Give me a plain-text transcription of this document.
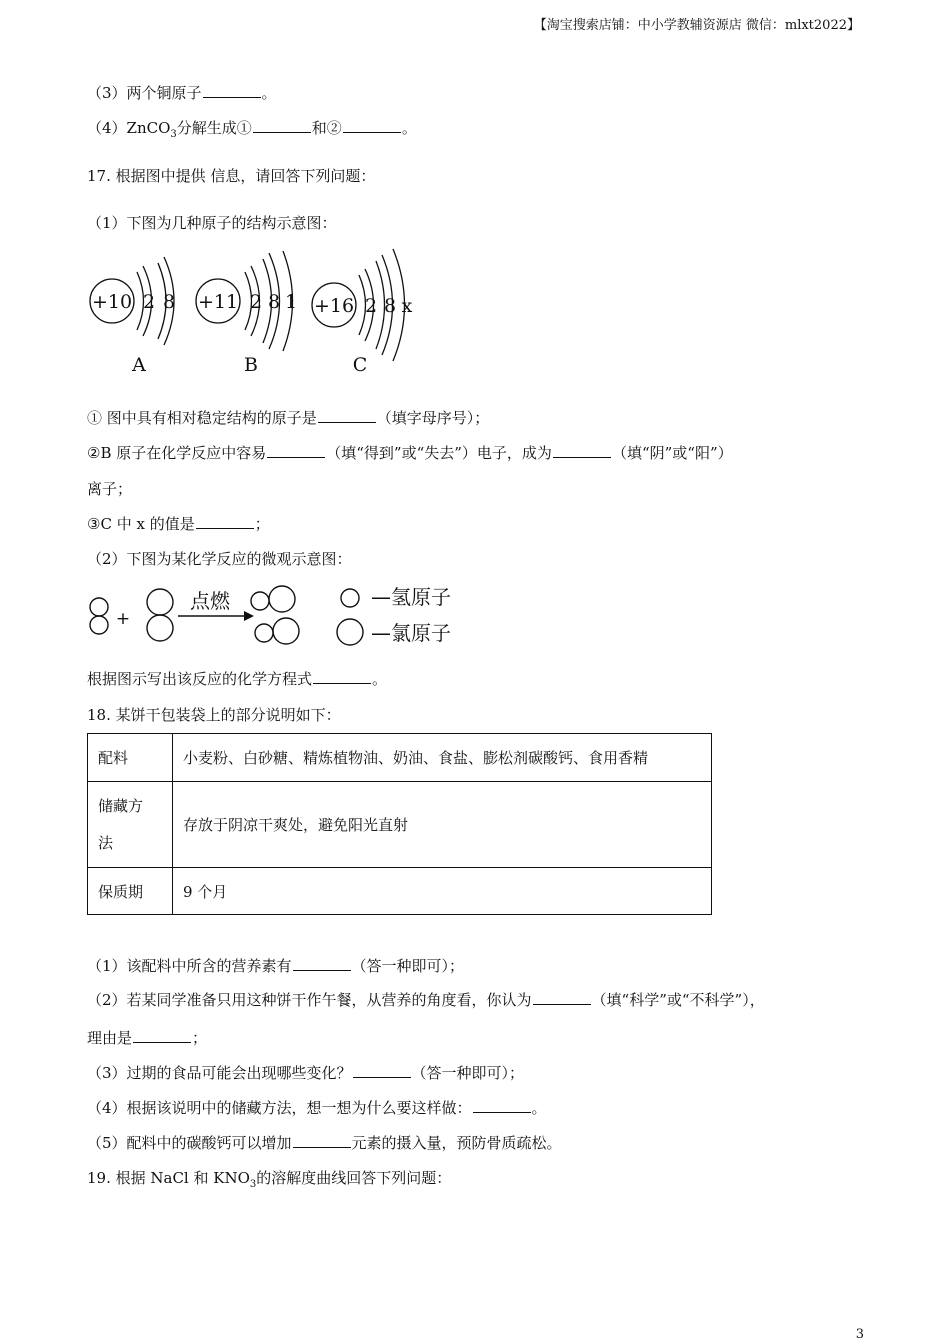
【淘宝搜索店铺：中小学教辅资源店 微信：mlxt2022】
（3）两个铜原子	。
（4）ZnCO$_3$分解生成①	和②	。
17. 根据图中提供 信息，请回答下列问题：
（1）下图为几种原子的结构示意图：
+10 2 8
A
+11 2 8 1
B
+16 2 8 x
C
① 图中具有相对稳定结构的原子是	（填字母序号）；
②B 原子在化学反应中容易	（填“得到”或“失去”）电子，成为	（填“阴”或“阳”）
离子；
③C 中 x 的值是	；
（2）下图为某化学反应的微观示意图：
+
点燃	—氢原子
—氯原子
根据图示写出该反应的化学方程式	。
18. 某饼干包装袋上的部分说明如下：
配料	小麦粉、白砂糖、精炼植物油、奶油、食盐、膨松剂碳酸钙、食用香精

储藏方
法	存放于阴凉干爽处，避免阳光直射
保质期	9 个月
（1）该配料中所含的营养素有	（答一种即可）；
（2）若某同学准备只用这种饼干作午餐，从营养的角度看，你认为	（填“科学”或“不科学”），
理由是	；
（3）过期的食品可能会出现哪些变化？	（答一种即可）；
（4）根据该说明中的储藏方法，想一想为什么要这样做：	。
（5）配料中的碳酸钙可以增加	元素的摄入量，预防骨质疏松。
19. 根据 NaCl 和 $KNO_3$的溶解度曲线回答下列问题：
3
